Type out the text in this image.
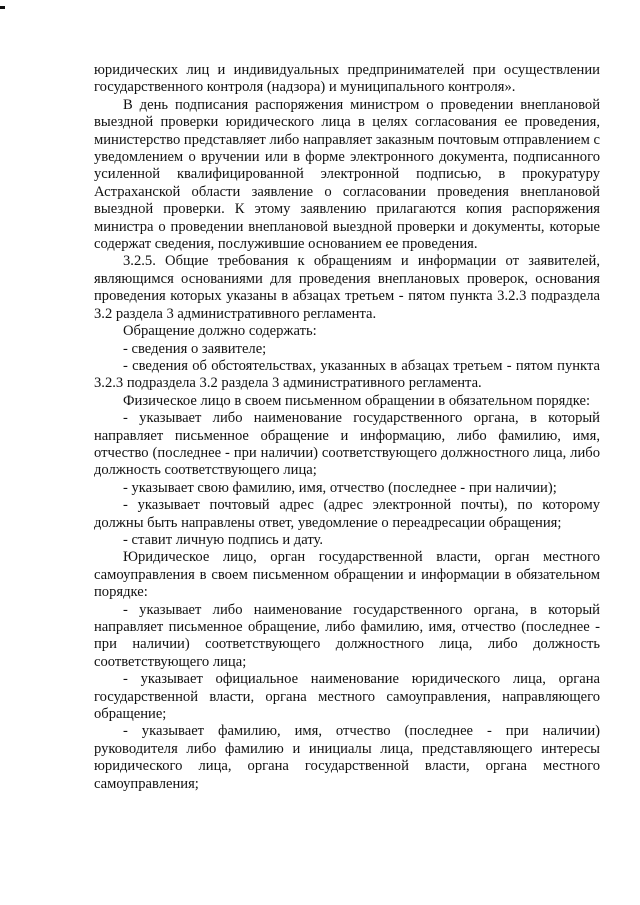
юридических лиц и индивидуальных предпринимателей при осуществлении государственного контроля (надзора) и муниципального контроля».

В день подписания распоряжения министром о проведении внеплановой выездной проверки юридического лица в целях согласования ее проведения, министерство представляет либо направляет заказным почтовым отправлением с уведомлением о вручении или в форме электронного документа, подписанного усиленной квалифицированной электронной подписью, в прокуратуру Астраханской области заявление о согласовании проведения внеплановой выездной проверки. К этому заявлению прилагаются копия распоряжения министра о проведении внеплановой выездной проверки и документы, которые содержат сведения, послужившие основанием ее проведения.

3.2.5. Общие требования к обращениям и информации от заявителей, являющимся основаниями для проведения внеплановых проверок, основания проведения которых указаны в абзацах третьем - пятом пункта 3.2.3 подраздела 3.2 раздела 3 административного регламента.

Обращение должно содержать:

- сведения о заявителе;

- сведения об обстоятельствах, указанных в абзацах третьем - пятом пункта 3.2.3 подраздела 3.2 раздела 3 административного регламента.

Физическое лицо в своем письменном обращении в обязательном порядке:

- указывает либо наименование государственного органа, в который направляет письменное обращение и информацию, либо фамилию, имя, отчество (последнее - при наличии) соответствующего должностного лица, либо должность соответствующего лица;

- указывает свою фамилию, имя, отчество (последнее - при наличии);

- указывает почтовый адрес (адрес электронной почты), по которому должны быть направлены ответ, уведомление о переадресации обращения;

- ставит личную подпись и дату.

Юридическое лицо, орган государственной власти, орган местного самоуправления в своем письменном обращении и информации в обязательном порядке:

- указывает либо наименование государственного органа, в который направляет письменное обращение, либо фамилию, имя, отчество (последнее - при наличии) соответствующего должностного лица, либо должность соответствующего лица;

- указывает официальное наименование юридического лица, органа государственной власти, органа местного самоуправления, направляющего обращение;

- указывает фамилию, имя, отчество (последнее - при наличии) руководителя либо фамилию и инициалы лица, представляющего интересы юридического лица, органа государственной власти, органа местного самоуправления;
